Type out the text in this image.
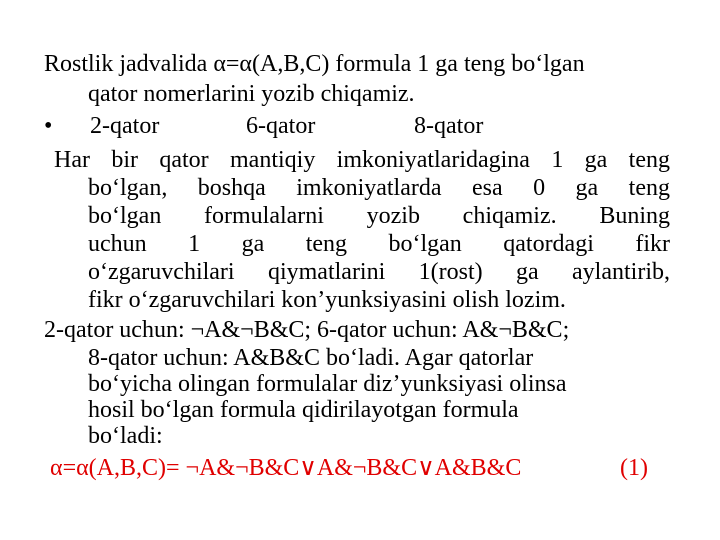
Rostlik jadvalida α=α(A,B,C) formula 1 ga teng bo‘lgan
qator nomerlarini yozib chiqamiz.
• 2-qator	6-qator	8-qator
Har bir qator mantiqiy imkoniyatlaridagina 1 ga teng
bo‘lgan, boshqa imkoniyatlarda esa 0 ga teng
bo‘lgan formulalarni yozib chiqamiz. Buning
uchun 1 ga teng bo‘lgan qatordagi fikr
o‘zgaruvchilari qiymatlarini 1(rost) ga aylantirib,
fikr o‘zgaruvchilari kon’yunksiyasini olish lozim.
2-qator uchun: ¬A&¬B&C; 6-qator uchun: A&¬B&C;
8-qator uchun: A&B&C bo‘ladi. Agar qatorlar
bo‘yicha olingan formulalar diz’yunksiyasi olinsa
hosil bo‘lgan formula qidirilayotgan formula
bo‘ladi:
α=α(A,B,C)= ¬A&¬B&C∨A&¬B&C∨A&B&C	(1)
